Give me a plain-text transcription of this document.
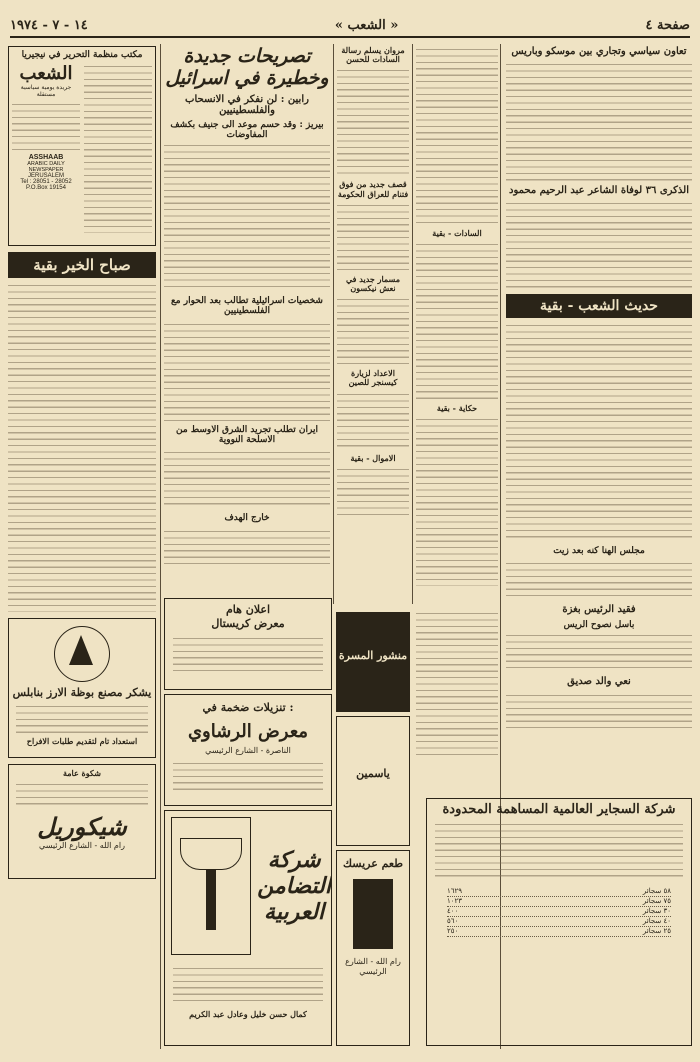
١٤ - ٧ - ١٩٧٤	« الشعب »	صفحة ٤
مكتب منظمة التحرير في نيجيريا
الشعب
جريدة يومية سياسية مستقلة
ASSHAAB
ARABIC DAILY NEWSPAPER
JERUSALEM
Tel : 28051 - 28052
P.O.Box 19154
صباح الخير بقية
يشكر مصنع بوظة الارز بنابلس
استعداد تام لتقديم طلبات الافراح
شكوة عامة
شيكوريل
رام الله - الشارع الرئيسي
تصريحات جديدة وخطيرة في اسرائيل
رابين : لن نفكر في الانسحاب والفلسطينيين
بيريز : وقد حسم موعد الى جنيف بكشف المفاوضات
شخصيات اسرائيلية تطالب بعد الحوار مع الفلسطينيين
ايران تطلب تجريد الشرق الاوسط من الاسلحة النووية
خارج الهدف
مروان يسلم رسالة السادات للحسن
قصف جديد من فوق فتنام للعراق الحكومة
مسمار جديد في نعش نيكسون
الاعداد لزيارة كيسنجر للصين
الاموال - بقية
السادات - بقية
حكاية - بقية
اعلان هام
معرض كريستال
تنزيلات ضخمة في :
معرض الرشاوي
الناصرة - الشارع الرئيسي
شركة التضامن العربية
كمال حسن خليل وعادل عبد الكريم
منشور المسرة
ياسمين
طعم عريسك
رام الله - الشارع الرئيسي
تعاون سياسي وتجاري بين موسكو وباريس
الذكرى ٣٦ لوفاة الشاعر عبد الرحيم محمود
حديث الشعب - بقية
مجلس الهنا كنه بعد زيت
فقيد الرئيس بغزة
باسل نصوح الريس
نعي والد صديق
شركة السجاير العالمية المساهمة المحدودة
١٦٢٩	٥٨ سجائر
١٠٢٣	٧٥ سجائر
٤٠٠	٣٠ سجائر
٥٦٠	٤٠ سجائر
٢٥٠	٢٥ سجائر
